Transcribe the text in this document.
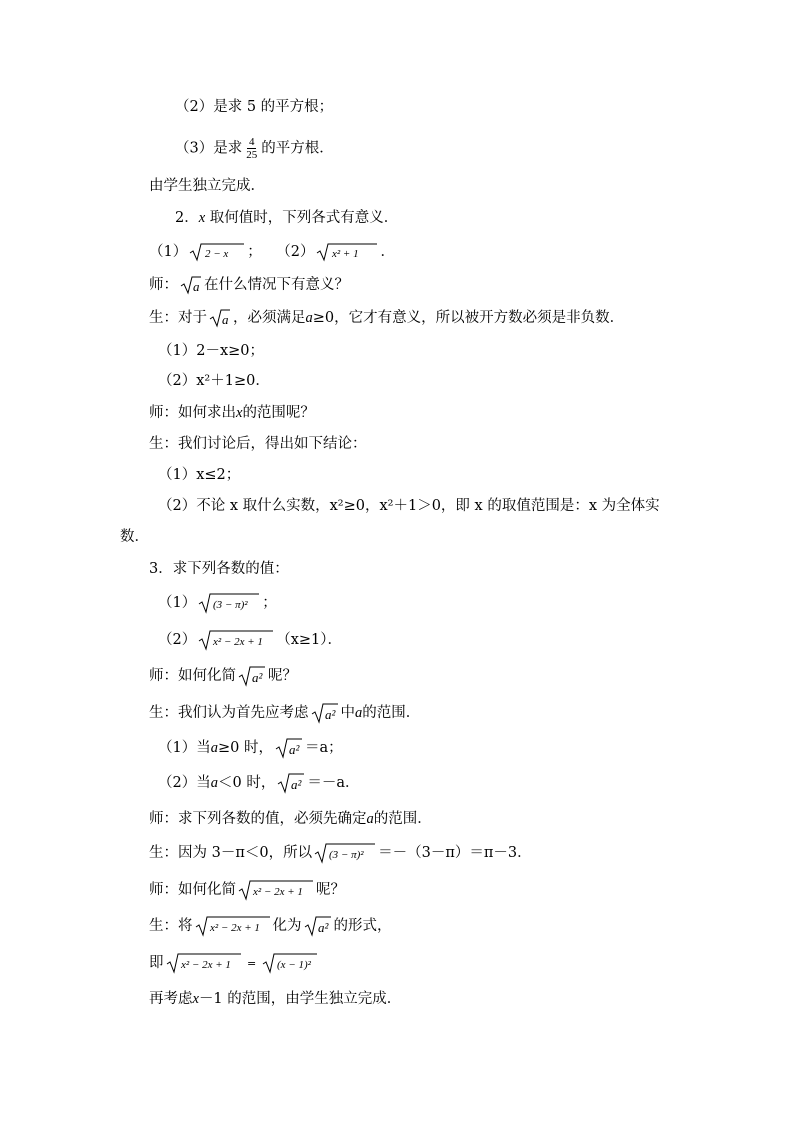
（2）是求 5 的平方根；
（3）是求 $\frac{4}{25}$ 的平方根．
由学生独立完成．
2．x 取何值时，下列各式有意义．
（1） 2 − x ；　　（2） x² + 1 ．
师： a 在什么情况下有意义？
生：对于 a ，必须满足a≥0，它才有意义，所以被开方数必须是非负数．
（1）2－x≥0；
（2）x²＋1≥0．
师：如何求出x的范围呢？
生：我们讨论后，得出如下结论：
（1）x≤2；
（2）不论 x 取什么实数，x²≥0，x²＋1＞0，即 x 的取值范围是：x 为全体实
数．
3．求下列各数的值：
（1） (3 − π)² ；
（2） x² − 2x + 1 （x≥1）．
师：如何化简 a² 呢？
生：我们认为首先应考虑 a² 中a的范围．
（1）当a≥0 时， a² ＝a；
（2）当a＜0 时， a² ＝－a．
师：求下列各数的值，必须先确定a的范围．
生：因为 3－π＜0，所以 (3 − π)² ＝－（3－π）＝π－3．
师：如何化简 x² − 2x + 1 呢？
生：将 x² − 2x + 1 化为 a² 的形式，
即 x² − 2x + 1 = (x − 1)²
再考虑x－1 的范围，由学生独立完成．
